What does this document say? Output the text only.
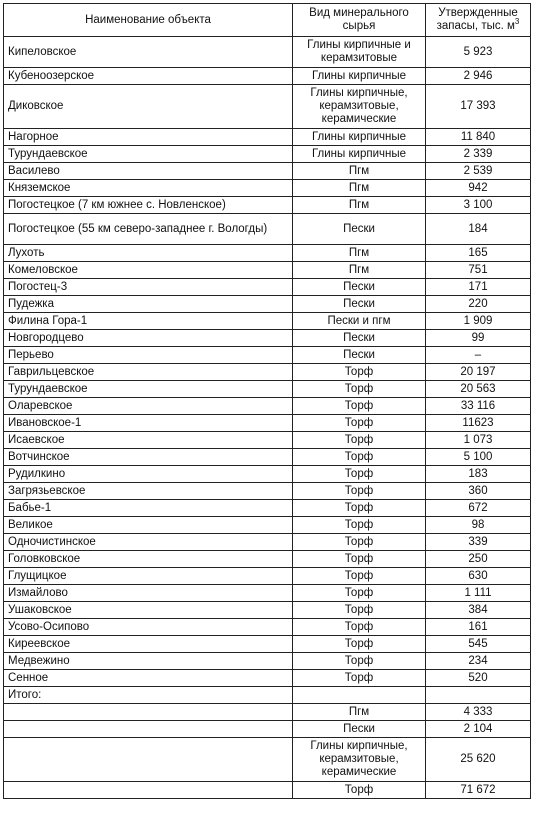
Наименование объекта	Вид минерального сырья	Утвержденные запасы, тыс. $м^3$
Кипеловское	Глины кирпичные и керамзитовые	5 923
Кубеноозерское	Глины кирпичные	2 946
Диковское	Глины кирпичные, керамзитовые, керамические	17 393
Нагорное	Глины кирпичные	11 840
Турундаевское	Глины кирпичные	2 339
Василево	Пгм	2 539
Княземское	Пгм	942
Погостецкое (7 км южнее с. Новленское)	Пгм	3 100
Погостецкое (55 км северо-западнее г. Вологды)	Пески	184
Лухоть	Пгм	165
Комеловское	Пгм	751
Погостец-3	Пески	171
Пудежка	Пески	220
Филина Гора-1	Пески и пгм	1 909
Новгородцево	Пески	99
Перьево	Пески	–
Гаврильцевское	Торф	20 197
Турундаевское	Торф	20 563
Оларевское	Торф	33 116
Ивановское-1	Торф	11623
Исаевское	Торф	1 073
Вотчинское	Торф	5 100
Рудилкино	Торф	183
Загрязьевское	Торф	360
Бабье-1	Торф	672
Великое	Торф	98
Одночистинское	Торф	339
Головковское	Торф	250
Глущицкое	Торф	630
Измайлово	Торф	1 111
Ушаковское	Торф	384
Усово-Осипово	Торф	161
Киреевское	Торф	545
Медвежино	Торф	234
Сенное	Торф	520
Итого:		
	Пгм	4 333
	Пески	2 104
	Глины кирпичные, керамзитовые, керамические	25 620
	Торф	71 672
